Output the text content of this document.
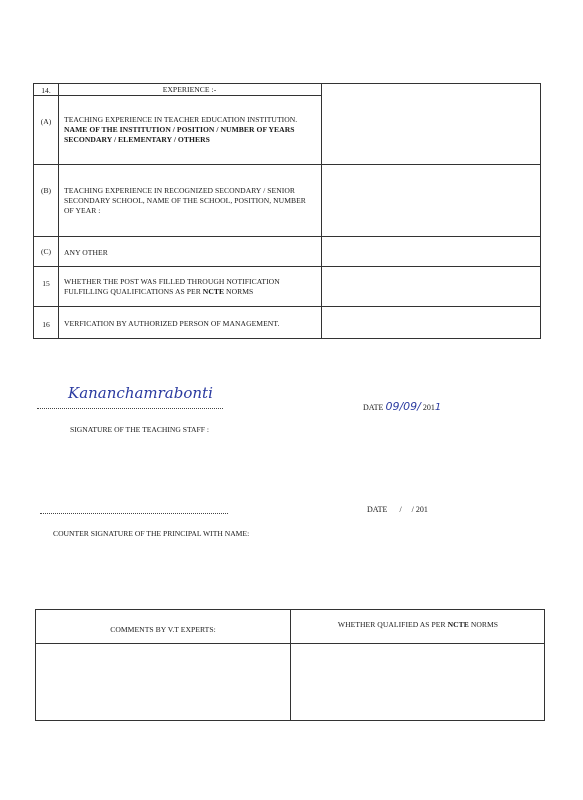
14.	EXPERIENCE :-
(A)	TEACHING EXPERIENCE IN TEACHER EDUCATION INSTITUTION.
NAME OF THE INSTITUTION / POSITION / NUMBER OF YEARS
SECONDARY / ELEMENTARY / OTHERS
(B)	TEACHING EXPERIENCE IN RECOGNIZED SECONDARY / SENIOR
SECONDARY SCHOOL, NAME OF THE SCHOOL, POSITION, NUMBER
OF YEAR :
(C)	ANY OTHER
15	WHETHER THE POST WAS FILLED THROUGH NOTIFICATION
FULFILLING QUALIFICATIONS AS PER NCTE NORMS
16	VERFICATION BY AUTHORIZED PERSON OF MANAGEMENT.
Kananchamrabonti
SIGNATURE OF THE TEACHING STAFF :
DATE 09/09/ 2011
COUNTER SIGNATURE OF THE PRINCIPAL WITH NAME:
DATE /     / 201
COMMENTS BY V.T EXPERTS:
WHETHER QUALIFIED AS PER NCTE NORMS
